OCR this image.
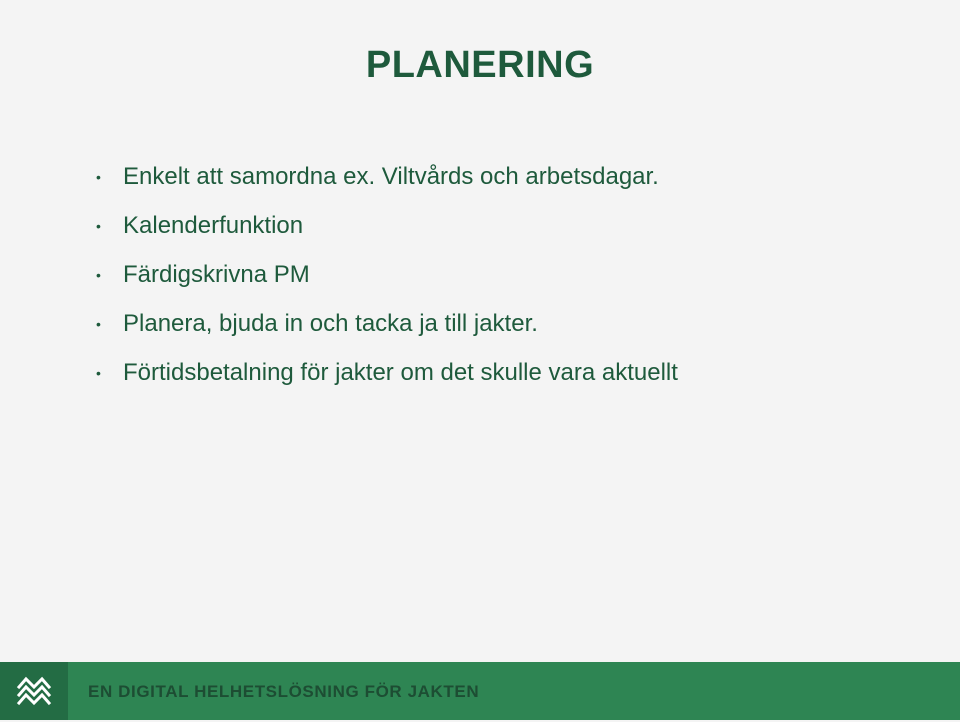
PLANERING
• Enkelt att samordna ex. Viltvårds och arbetsdagar.
• Kalenderfunktion
• Färdigskrivna PM
• Planera, bjuda in och tacka ja till jakter.
• Förtidsbetalning för jakter om det skulle vara aktuellt

EN DIGITAL HELHETSLÖSNING FÖR JAKTEN
